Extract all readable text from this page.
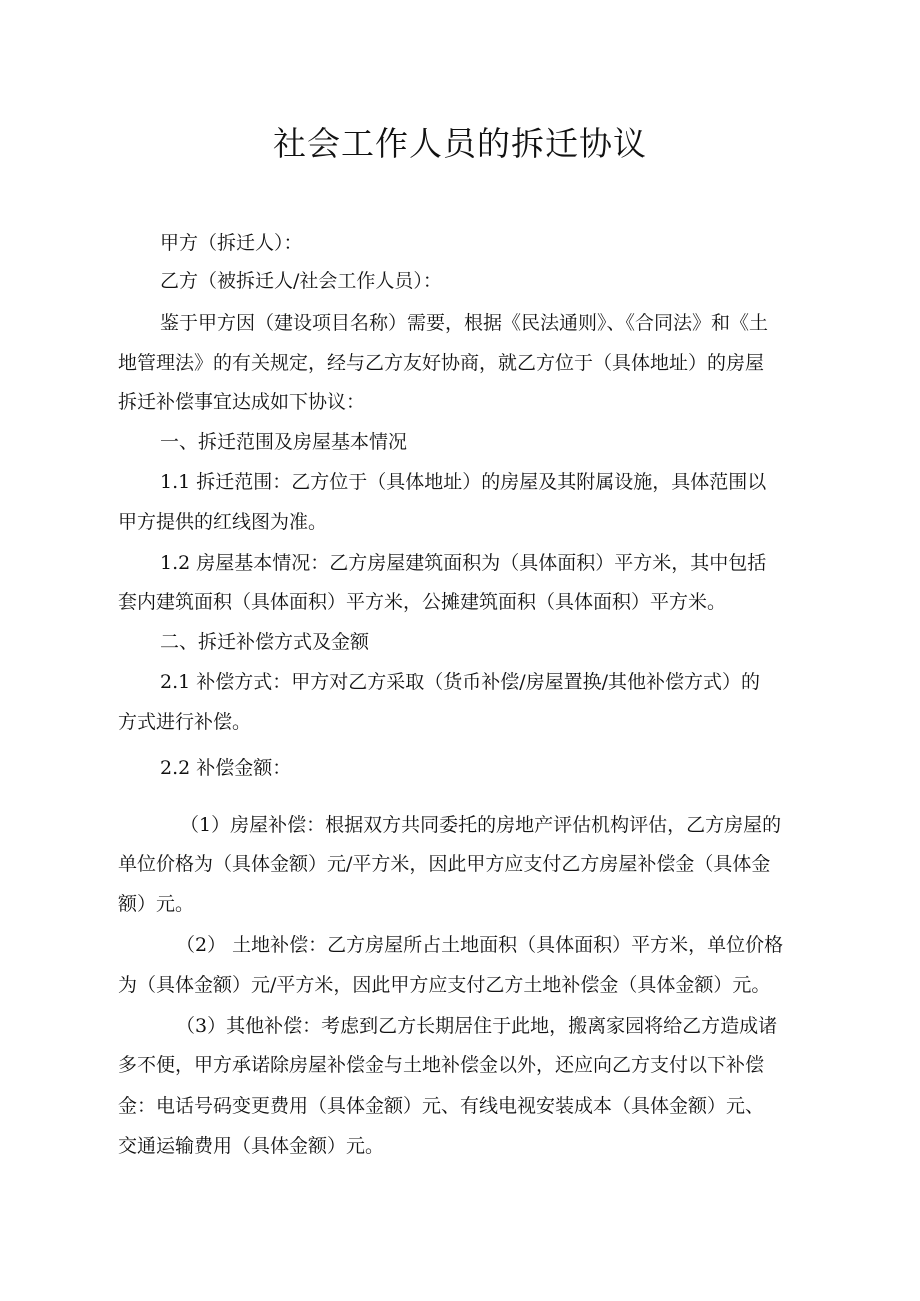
社会工作人员的拆迁协议
甲方（拆迁人）：
乙方（被拆迁人/社会工作人员）：
鉴于甲方因（建设项目名称）需要，根据《民法通则》、《合同法》和《土
地管理法》的有关规定，经与乙方友好协商，就乙方位于（具体地址）的房屋
拆迁补偿事宜达成如下协议：
一、拆迁范围及房屋基本情况
1.1 拆迁范围：乙方位于（具体地址）的房屋及其附属设施，具体范围以
甲方提供的红线图为准。
1.2 房屋基本情况：乙方房屋建筑面积为（具体面积）平方米，其中包括
套内建筑面积（具体面积）平方米，公摊建筑面积（具体面积）平方米。
二、拆迁补偿方式及金额
2.1 补偿方式：甲方对乙方采取（货币补偿/房屋置换/其他补偿方式）的
方式进行补偿。
2.2 补偿金额：
（1）房屋补偿：根据双方共同委托的房地产评估机构评估，乙方房屋的
单位价格为（具体金额）元/平方米，因此甲方应支付乙方房屋补偿金（具体金
额）元。
（2） 土地补偿：乙方房屋所占土地面积（具体面积）平方米，单位价格
为（具体金额）元/平方米，因此甲方应支付乙方土地补偿金（具体金额）元。
（3）其他补偿：考虑到乙方长期居住于此地，搬离家园将给乙方造成诸
多不便，甲方承诺除房屋补偿金与土地补偿金以外，还应向乙方支付以下补偿
金：电话号码变更费用（具体金额）元、有线电视安装成本（具体金额）元、
交通运输费用（具体金额）元。
